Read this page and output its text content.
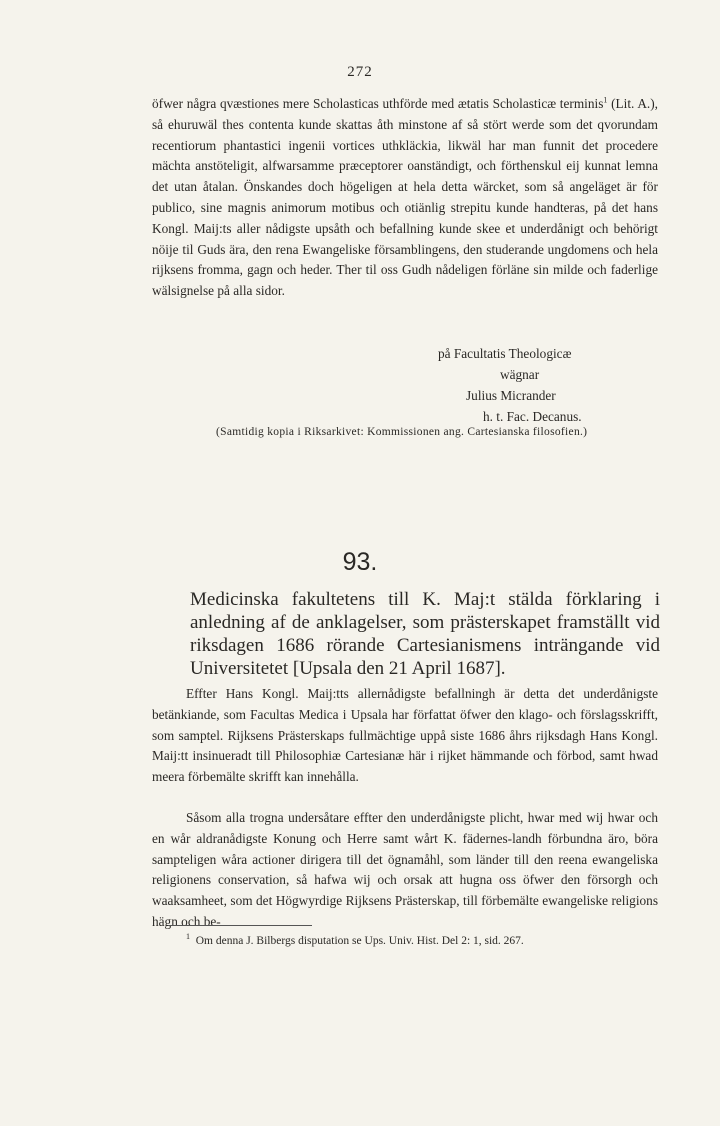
272
öfwer några qvæstiones mere Scholasticas uthförde med ætatis Scholasticæ terminis$^1$ (Lit. A.), så ehuruwäl thes contenta kunde skattas åth minstone af så stört werde som det qvorundam recentiorum phantastici ingenii vortices uthkläckia, likwäl har man funnit det procedere mächta anstöteligit, alfwarsamme præceptorer oanständigt, och förthenskul eij kunnat lemna det utan åtalan. Önskandes doch högeligen at hela detta wärcket, som så angeläget är för publico, sine magnis animorum motibus och otiänlig strepitu kunde handteras, på det hans Kongl. Maij:ts aller nådigste upsåth och befallning kunde skee et underdånigt och behörigt nöije til Guds ära, den rena Ewangeliske församblingens, den studerande ungdomens och hela rijksens fromma, gagn och heder. Ther til oss Gudh nådeligen förläne sin milde och faderlige wälsignelse på alla sidor.
på Facultatis Theologicæ
wägnar
Julius Micrander
h. t. Fac. Decanus.
(Samtidig kopia i Riksarkivet: Kommissionen ang. Cartesianska filosofien.)
93.
Medicinska fakultetens till K. Maj:t stälda förklaring i anledning af de anklagelser, som prästerskapet framställt vid riksdagen 1686 rörande Cartesianismens inträngande vid Universitetet [Upsala den 21 April 1687].
Effter Hans Kongl. Maij:tts allernådigste befallningh är detta det underdånigste betänkiande, som Facultas Medica i Upsala har författat öfwer den klago- och förslagsskrifft, som samptel. Rijksens Prästerskaps fullmächtige uppå siste 1686 åhrs rijksdagh Hans Kongl. Maij:tt insinueradt till Philosophiæ Cartesianæ här i rijket hämmande och förbod, samt hwad meera förbemälte skrifft kan innehålla.
Såsom alla trogna undersåtare effter den underdånigste plicht, hwar med wij hwar och en wår aldranådigste Konung och Herre samt wårt K. fädernes-landh förbundna äro, böra sampteligen wåra actioner dirigera till det ögnamåhl, som länder till den reena ewangeliska religionens conservation, så hafwa wij och orsak att hugna oss öfwer den försorgh och waaksamheet, som det Högwyrdige Rijksens Prästerskap, till förbemälte ewangeliske religions hägn och be-
$^1$ Om denna J. Bilbergs disputation se Ups. Univ. Hist. Del 2: 1, sid. 267.
